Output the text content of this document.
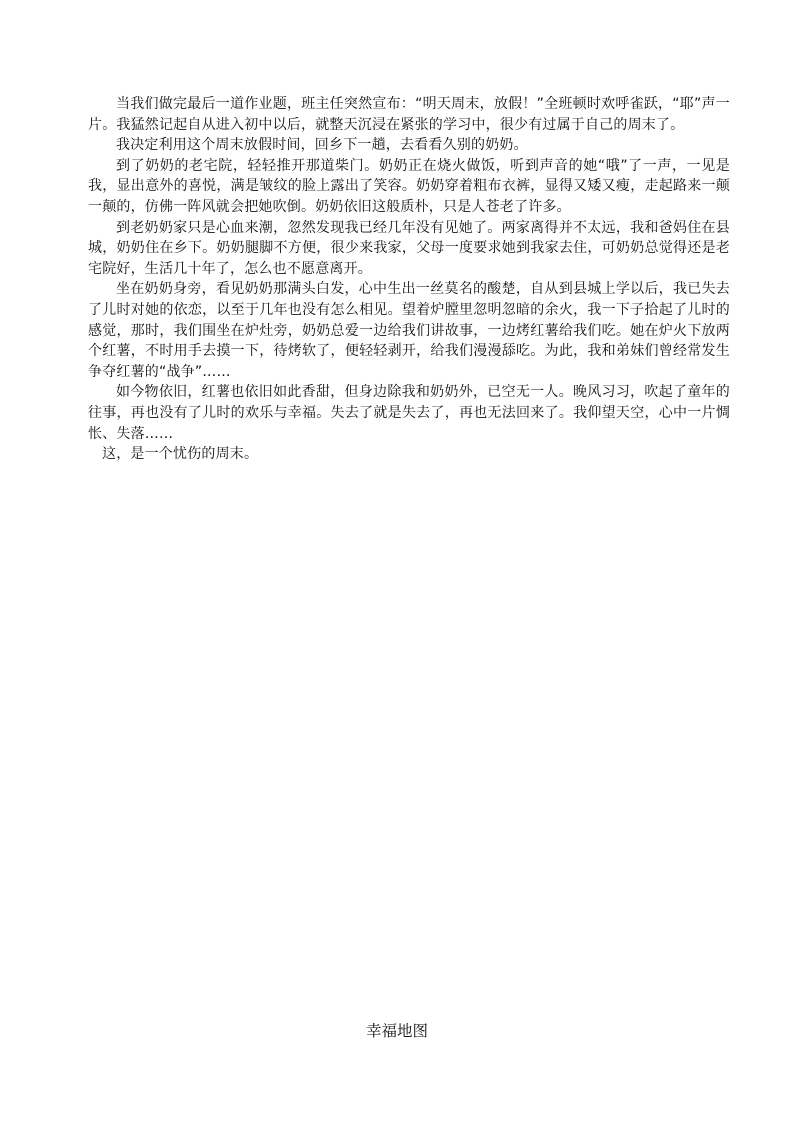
当我们做完最后一道作业题，班主任突然宣布：“明天周末，放假！”全班顿时欢呼雀跃，“耶”声一片。我猛然记起自从进入初中以后，就整天沉浸在紧张的学习中，很少有过属于自己的周末了。

我决定利用这个周末放假时间，回乡下一趟，去看看久别的奶奶。

到了奶奶的老宅院，轻轻推开那道柴门。奶奶正在烧火做饭，听到声音的她“哦”了一声，一见是我，显出意外的喜悦，满是皱纹的脸上露出了笑容。奶奶穿着粗布衣裤，显得又矮又瘦，走起路来一颠一颠的，仿佛一阵风就会把她吹倒。奶奶依旧这般质朴，只是人苍老了许多。

到老奶奶家只是心血来潮，忽然发现我已经几年没有见她了。两家离得并不太远，我和爸妈住在县城，奶奶住在乡下。奶奶腿脚不方便，很少来我家，父母一度要求她到我家去住，可奶奶总觉得还是老宅院好，生活几十年了，怎么也不愿意离开。

坐在奶奶身旁，看见奶奶那满头白发，心中生出一丝莫名的酸楚，自从到县城上学以后，我已失去了儿时对她的依恋，以至于几年也没有怎么相见。望着炉膛里忽明忽暗的余火，我一下子拾起了儿时的感觉，那时，我们围坐在炉灶旁，奶奶总爱一边给我们讲故事，一边烤红薯给我们吃。她在炉火下放两个红薯，不时用手去摸一下，待烤软了，便轻轻剥开，给我们漫漫舔吃。为此，我和弟妹们曾经常发生争夺红薯的“战争”……

如今物依旧，红薯也依旧如此香甜，但身边除我和奶奶外，已空无一人。晚风习习，吹起了童年的往事，再也没有了儿时的欢乐与幸福。失去了就是失去了，再也无法回来了。我仰望天空，心中一片惆怅、失落……

这，是一个忧伤的周末。

幸福地图
